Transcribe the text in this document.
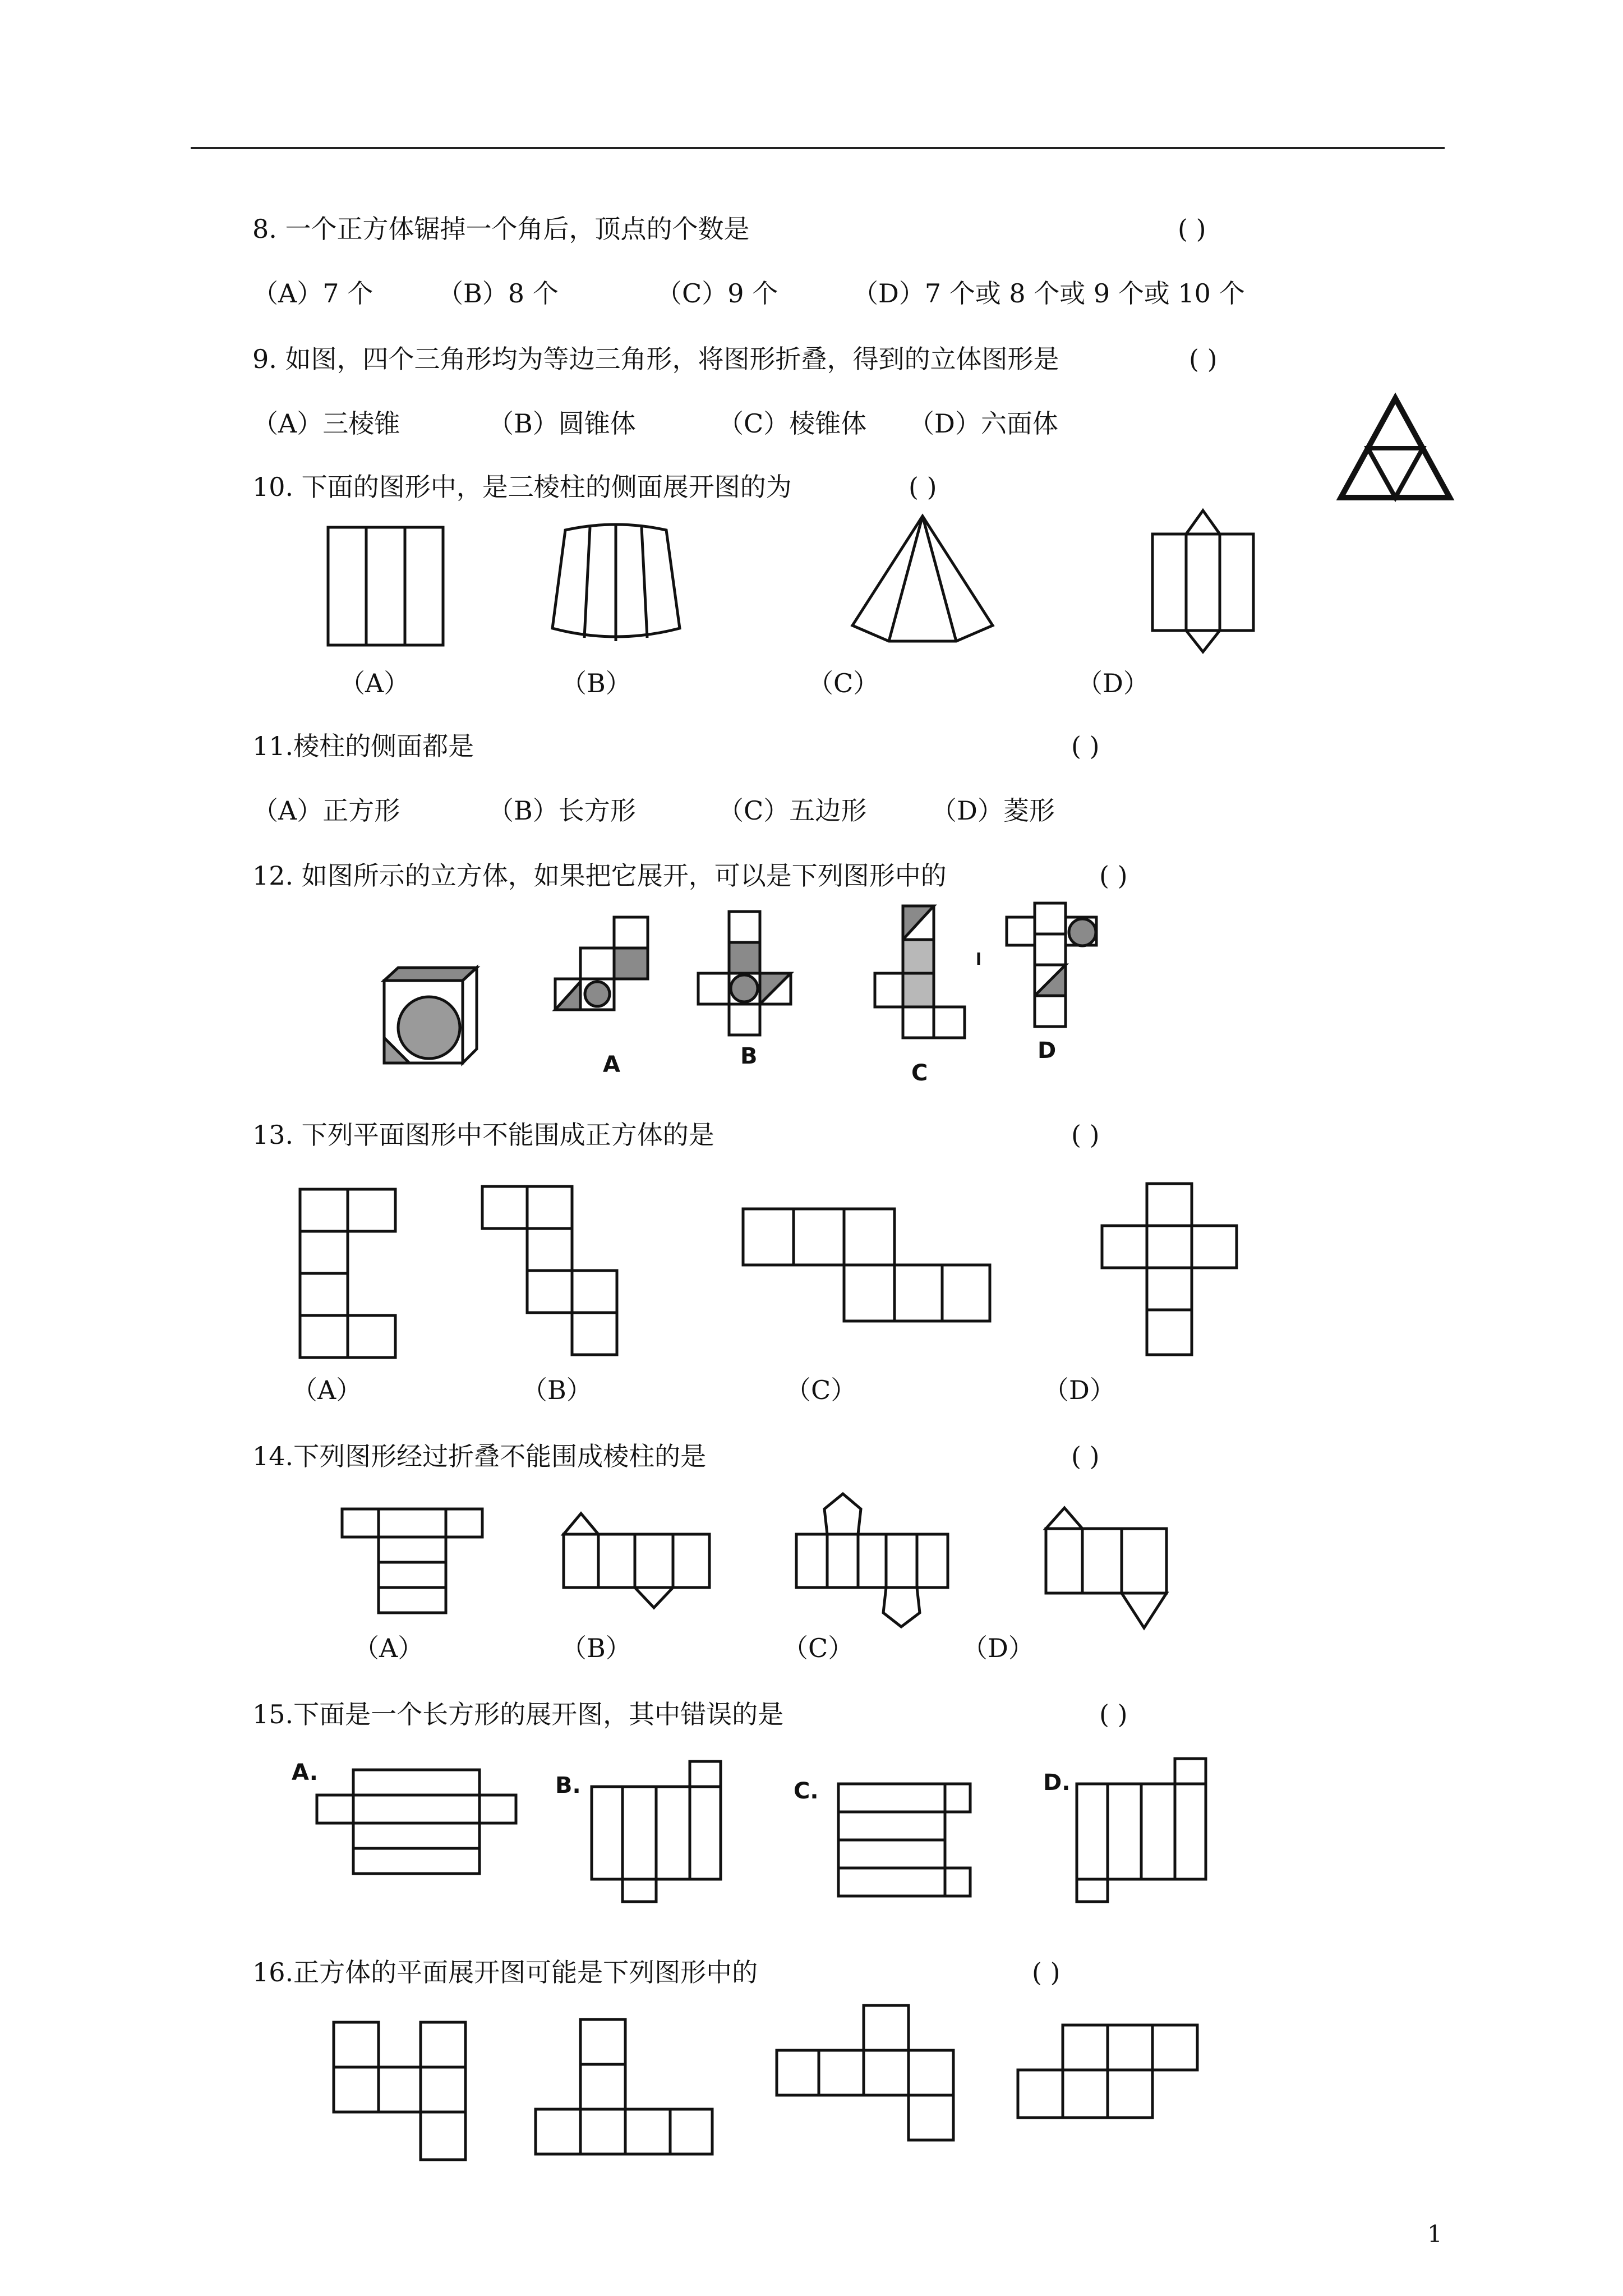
8. 一个正方体锯掉一个角后，顶点的个数是	( )
（A）7 个 （B）8 个	（C）9 个	（D）7 个或 8 个或 9 个或 10 个
9. 如图，四个三角形均为等边三角形，将图形折叠，得到的立体图形是	( )
（A）三棱锥	（B）圆锥体	（C）棱锥体 （D）六面体
10. 下面的图形中，是三棱柱的侧面展开图的为	( )
（A）	（B）	（C）	（D）
11.棱柱的侧面都是	( )
（A）正方形	（B）长方形	（C）五边形 （D）菱形
12. 如图所示的立方体，如果把它展开，可以是下列图形中的	( )
A	B
C
D
13. 下列平面图形中不能围成正方体的是	( )
（A）	（B）	（C）	（D）
14.下列图形经过折叠不能围成棱柱的是	( )
（A）	（B）	（C）	（D）
15.下面是一个长方形的展开图，其中错误的是	( )
A.	B.	C.	D.
16.正方体的平面展开图可能是下列图形中的	( )
1
